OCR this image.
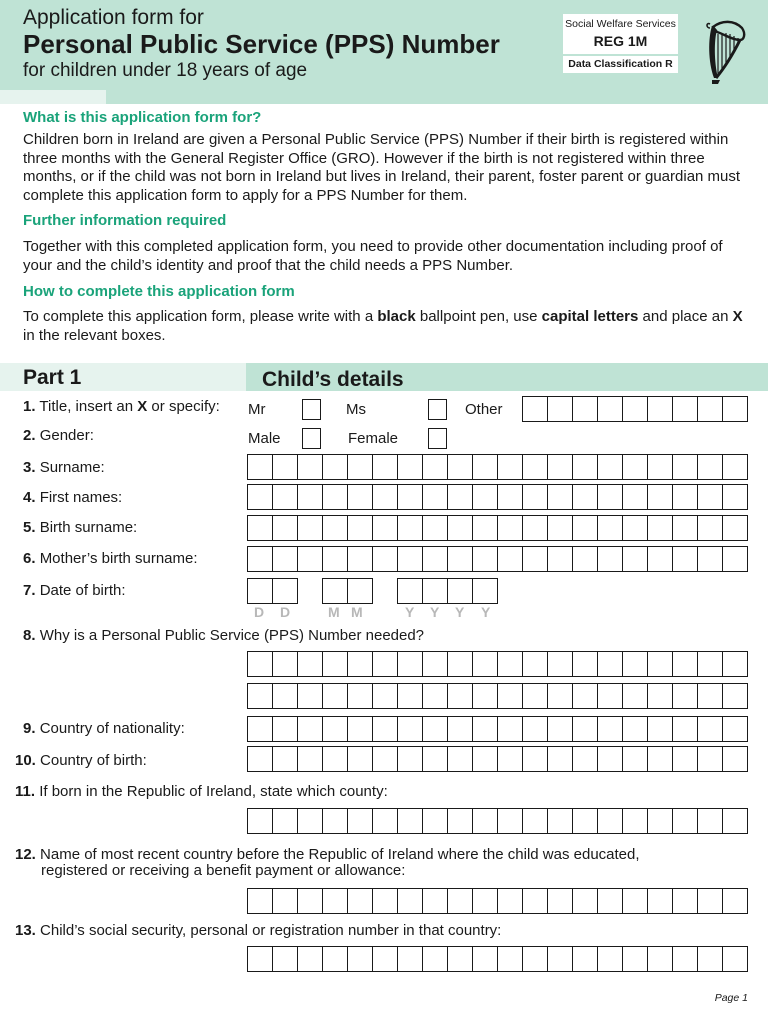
Application form for
Personal Public Service (PPS) Number
for children under 18 years of age
Social Welfare Services
REG 1M
Data Classification R
What is this application form for?
Children born in Ireland are given a Personal Public Service (PPS) Number if their birth is registered within three months with the General Register Office (GRO). However if the birth is not registered within three months, or if the child was not born in Ireland but lives in Ireland, their parent, foster parent or guardian must complete this application form to apply for a PPS Number for them.
Further information required
Together with this completed application form, you need to provide other documentation including proof of your and the child’s identity and proof that the child needs a PPS Number.
How to complete this application form
To complete this application form, please write with a black ballpoint pen, use capital letters and place an X in the relevant boxes.
Part 1	Child’s details
1. Title, insert an X or specify: Mr	Ms	Other
2. Gender:	Male	Female
3. Surname:
4. First names:
5. Birth surname:
6. Mother’s birth surname:
7. Date of birth:
D D	M M	Y Y Y Y
8. Why is a Personal Public Service (PPS) Number needed?
9. Country of nationality:
10. Country of birth:
11. If born in the Republic of Ireland, state which county:
12. Name of most recent country before the Republic of Ireland where the child was educated,
registered or receiving a benefit payment or allowance:
13. Child’s social security, personal or registration number in that country:
Page 1
